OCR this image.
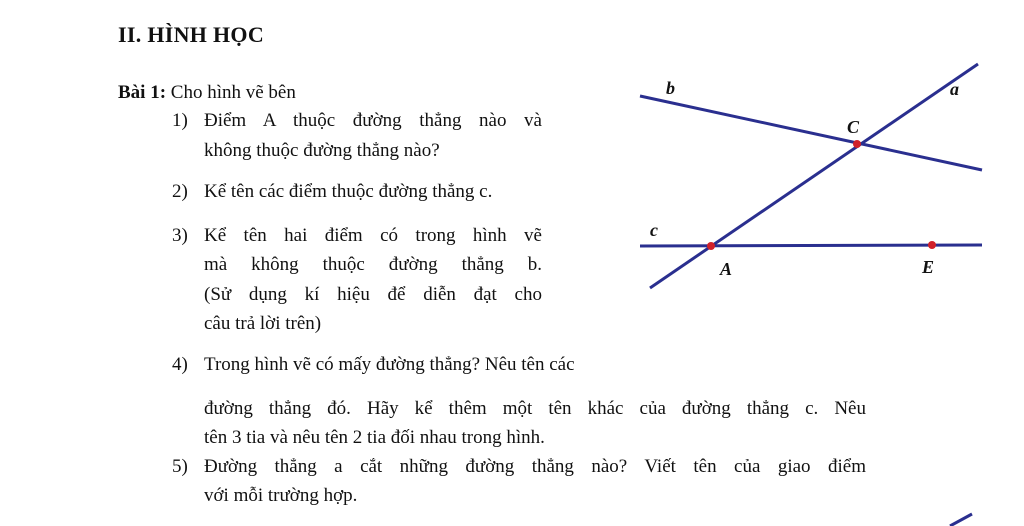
II. HÌNH HỌC
Bài 1: Cho hình vẽ bên
1) Điểm A thuộc đường thẳng nào và
không thuộc đường thẳng nào?
2) Kể tên các điểm thuộc đường thẳng c.
3) Kể tên hai điểm có trong hình vẽ
mà không thuộc đường thẳng b.
(Sử dụng kí hiệu để diễn đạt cho
câu trả lời trên)
4) Trong hình vẽ có mấy đường thẳng? Nêu tên các
đường thẳng đó. Hãy kể thêm một tên khác của đường thẳng c. Nêu
tên 3 tia và nêu tên 2 tia đối nhau trong hình.
5) Đường thẳng a cắt những đường thẳng nào? Viết tên của giao điểm
với mỗi trường hợp.
b	a
c
C
A	E
